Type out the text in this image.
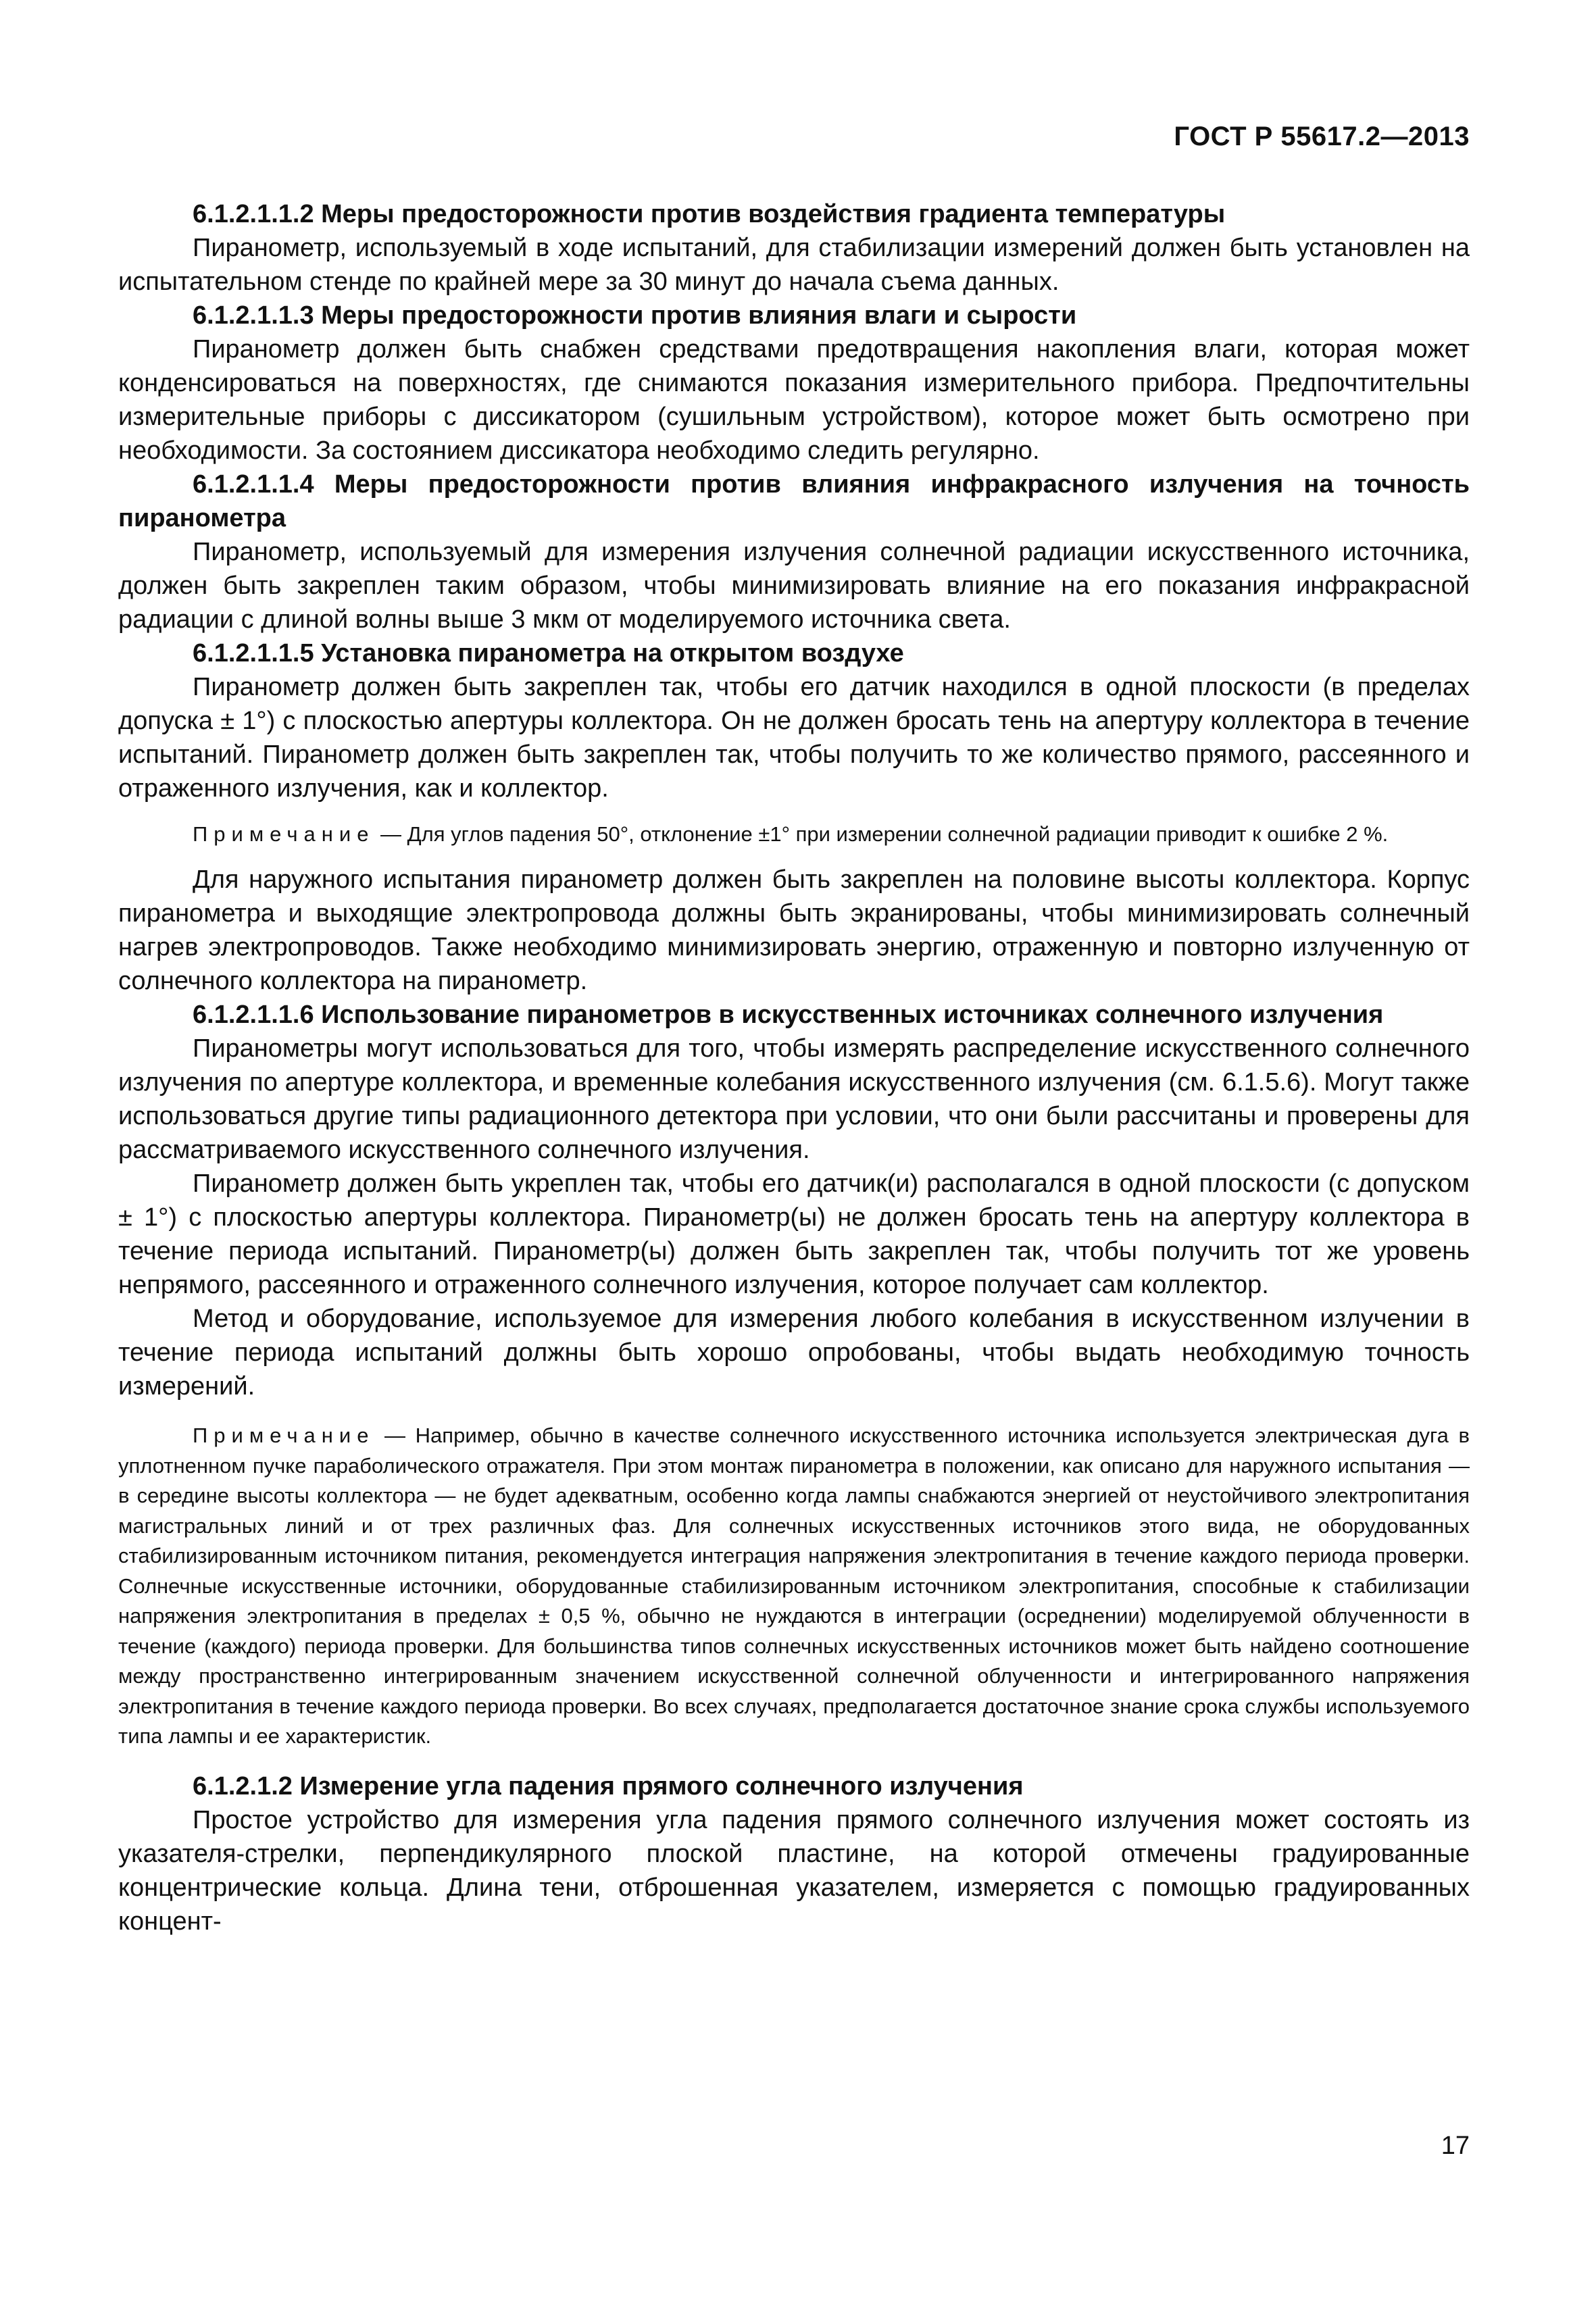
ГОСТ Р 55617.2—2013

6.1.2.1.1.2 Меры предосторожности против воздействия градиента температуры

Пиранометр, используемый в ходе испытаний, для стабилизации измерений должен быть установлен на испытательном стенде по крайней мере за 30 минут до начала съема данных.

6.1.2.1.1.3 Меры предосторожности против влияния влаги и сырости

Пиранометр должен быть снабжен средствами предотвращения накопления влаги, которая может конденсироваться на поверхностях, где снимаются показания измерительного прибора. Предпочтительны измерительные приборы с диссикатором (сушильным устройством), которое может быть осмотрено при необходимости. За состоянием диссикатора необходимо следить регулярно.

6.1.2.1.1.4 Меры предосторожности против влияния инфракрасного излучения на точность пиранометра

Пиранометр, используемый для измерения излучения солнечной радиации искусственного источника, должен быть закреплен таким образом, чтобы минимизировать влияние на его показания инфракрасной радиации с длиной волны выше 3 мкм от моделируемого источника света.

6.1.2.1.1.5 Установка пиранометра на открытом воздухе

Пиранометр должен быть закреплен так, чтобы его датчик находился в одной плоскости (в пределах допуска ± 1°) с плоскостью апертуры коллектора. Он не должен бросать тень на апертуру коллектора в течение испытаний. Пиранометр должен быть закреплен так, чтобы получить то же количество прямого, рассеянного и отраженного излучения, как и коллектор.

Примечание — Для углов падения 50°, отклонение ±1° при измерении солнечной радиации приводит к ошибке 2 %.

Для наружного испытания пиранометр должен быть закреплен на половине высоты коллектора. Корпус пиранометра и выходящие электропровода должны быть экранированы, чтобы минимизировать солнечный нагрев электропроводов. Также необходимо минимизировать энергию, отраженную и повторно излученную от солнечного коллектора на пиранометр.

6.1.2.1.1.6 Использование пиранометров в искусственных источниках солнечного излучения

Пиранометры могут использоваться для того, чтобы измерять распределение искусственного солнечного излучения по апертуре коллектора, и временные колебания искусственного излучения (см. 6.1.5.6). Могут также использоваться другие типы радиационного детектора при условии, что они были рассчитаны и проверены для рассматриваемого искусственного солнечного излучения.

Пиранометр должен быть укреплен так, чтобы его датчик(и) располагался в одной плоскости (с допуском ± 1°) с плоскостью апертуры коллектора. Пиранометр(ы) не должен бросать тень на апертуру коллектора в течение периода испытаний. Пиранометр(ы) должен быть закреплен так, чтобы получить тот же уровень непрямого, рассеянного и отраженного солнечного излучения, которое получает сам коллектор.

Метод и оборудование, используемое для измерения любого колебания в искусственном излучении в течение периода испытаний должны быть хорошо опробованы, чтобы выдать необходимую точность измерений.

Примечание — Например, обычно в качестве солнечного искусственного источника используется электрическая дуга в уплотненном пучке параболического отражателя. При этом монтаж пиранометра в положении, как описано для наружного испытания — в середине высоты коллектора — не будет адекватным, особенно когда лампы снабжаются энергией от неустойчивого электропитания магистральных линий и от трех различных фаз. Для солнечных искусственных источников этого вида, не оборудованных стабилизированным источником питания, рекомендуется интеграция напряжения электропитания в течение каждого периода проверки. Солнечные искусственные источники, оборудованные стабилизированным источником электропитания, способные к стабилизации напряжения электропитания в пределах ± 0,5 %, обычно не нуждаются в интеграции (осреднении) моделируемой облученности в течение (каждого) периода проверки. Для большинства типов солнечных искусственных источников может быть найдено соотношение между пространственно интегрированным значением искусственной солнечной облученности и интегрированного напряжения электропитания в течение каждого периода проверки. Во всех случаях, предполагается достаточное знание срока службы используемого типа лампы и ее характеристик.

6.1.2.1.2 Измерение угла падения прямого солнечного излучения

Простое устройство для измерения угла падения прямого солнечного излучения может состоять из указателя-стрелки, перпендикулярного плоской пластине, на которой отмечены градуированные концентрические кольца. Длина тени, отброшенная указателем, измеряется с помощью градуированных концент-

17
